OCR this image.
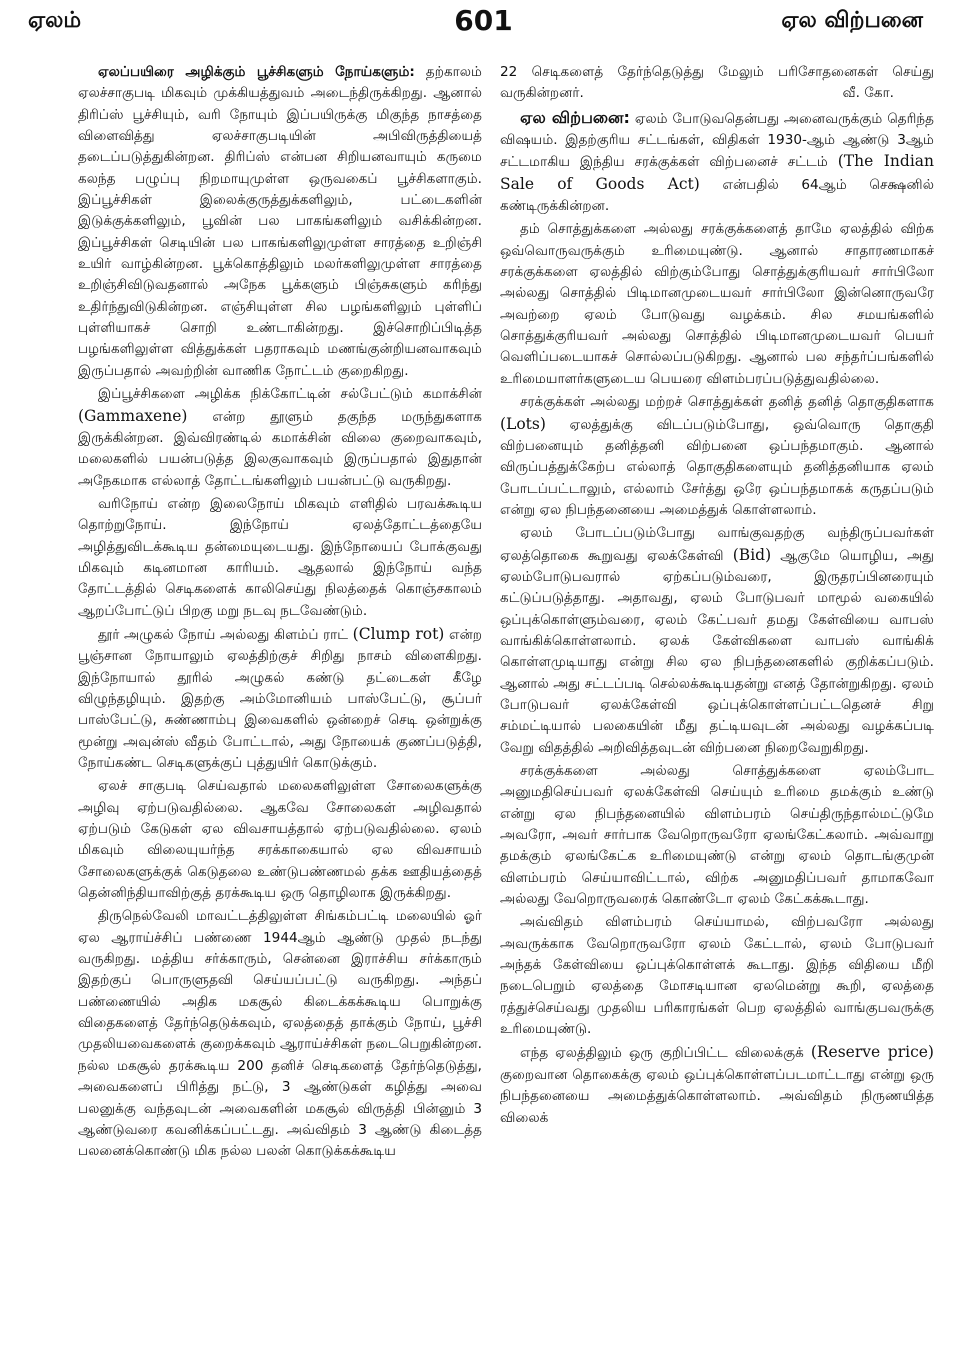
ஏலம்	601	ஏல விற்பனை

ஏலப்பயிரை அழிக்கும் பூச்சிகளும் நோய்களும்: தற்காலம் ஏலச்சாகுபடி மிகவும் முக்கியத்துவம் அடைந்திருக்கிறது. ஆனால் திரிப்ஸ் பூச்சியும், வரி நோயும் இப்பயிருக்கு மிகுந்த நாசத்தை விளைவித்து ஏலச்சாகுபடியின் அபிவிருத்தியைத் தடைப்படுத்துகின்றன. திரிப்ஸ் என்பன சிறியனவாயும் கருமை கலந்த பழுப்பு நிறமாயுமுள்ள ஒருவகைப் பூச்சிகளாகும். இப்பூச்சிகள் இலைக்குருத்துக்களிலும், பட்டைகளின் இடுக்குக்களிலும், பூவின் பல பாகங்களிலும் வசிக்கின்றன. இப்பூச்சிகள் செடியின் பல பாகங்களிலுமுள்ள சாரத்தை உறிஞ்சி உயிர் வாழ்கின்றன. பூக்கொத்திலும் மலர்களிலுமுள்ள சாரத்தை உறிஞ்சிவிடுவதனால் அநேக பூக்களும் பிஞ்சுகளும் கரிந்து உதிர்ந்துவிடுகின்றன. எஞ்சியுள்ள சில பழங்களிலும் புள்ளிப் புள்ளியாகச் சொறி உண்டாகின்றது. இச்சொறிப்பிடித்த பழங்களிலுள்ள வித்துக்கள் பதராகவும் மணங்குன்றியனவாகவும் இருப்பதால் அவற்றின் வாணிக நோட்டம் குறைகிறது.

இப்பூச்சிகளை அழிக்க நிக்கோட்டின் சல்பேட்டும் கமாக்சின் (Gammaxene) என்ற தூளும் தகுந்த மருந்துகளாக இருக்கின்றன. இவ்விரண்டில் கமாக்சின் விலை குறைவாகவும், மலைகளில் பயன்படுத்த இலகுவாகவும் இருப்பதால் இதுதான் அநேகமாக எல்லாத் தோட்டங்களிலும் பயன்பட்டு வருகிறது.

வரிநோய் என்ற இலைநோய் மிகவும் எளிதில் பரவக்கூடிய தொற்றுநோய். இந்நோய் ஏலத்தோட்டத்தையே அழித்துவிடக்கூடிய தன்மையுடையது. இந்நோயைப் போக்குவது மிகவும் கடினமான காரியம். ஆதலால் இந்நோய் வந்த தோட்டத்தில் செடிகளைக் காலிசெய்து நிலத்தைக் கொஞ்சகாலம் ஆறப்போட்டுப் பிறகு மறு நடவு நடவேண்டும்.

தூர் அழுகல் நோய் அல்லது கிளம்ப் ராட் (Clump rot) என்ற பூஞ்சான நோயாலும் ஏலத்திற்குச் சிறிது நாசம் விளைகிறது. இந்நோயால் தூரில் அழுகல் கண்டு தட்டைகள் கீழே விழுந்தழியும். இதற்கு அம்மோனியம் பாஸ்பேட்டு, சூப்பர் பாஸ்பேட்டு, சுண்ணாம்பு இவைகளில் ஒன்றைச் செடி ஒன்றுக்கு மூன்று அவுன்ஸ் வீதம் போட்டால், அது நோயைக் குணப்படுத்தி, நோய்கண்ட செடிகளுக்குப் புத்துயிர் கொடுக்கும்.

ஏலச் சாகுபடி செய்வதால் மலைகளிலுள்ள சோலைகளுக்கு அழிவு ஏற்படுவதில்லை. ஆகவே சோலைகள் அழிவதால் ஏற்படும் கேடுகள் ஏல விவசாயத்தால் ஏற்படுவதில்லை. ஏலம் மிகவும் விலையுயர்ந்த சரக்காகையால் ஏல விவசாயம் சோலைகளுக்குக் கெடுதலை உண்டுபண்ணமல் தக்க ஊதியத்தைத் தென்னிந்தியாவிற்குத் தரக்கூடிய ஒரு தொழிலாக இருக்கிறது.

திருநெல்வேலி மாவட்டத்திலுள்ள சிங்கம்பட்டி மலையில் ஓர் ஏல ஆராய்ச்சிப் பண்ணை 1944ஆம் ஆண்டு முதல் நடந்து வருகிறது. மத்திய சர்க்காரும், சென்னை இராச்சிய சர்க்காரும் இதற்குப் பொருளுதவி செய்யப்பட்டு வருகிறது. அந்தப் பண்ணையில் அதிக மகசூல் கிடைக்கக்கூடிய பொறுக்கு விதைகளைத் தேர்ந்தெடுக்கவும், ஏலத்தைத் தாக்கும் நோய், பூச்சி முதலியவைகளைக் குறைக்கவும் ஆராய்ச்சிகள் நடைபெறுகின்றன. நல்ல மகசூல் தரக்கூடிய 200 தனிச் செடிகளைத் தேர்ந்தெடுத்து, அவைகளைப் பிரித்து நட்டு, 3 ஆண்டுகள் கழித்து அவை பலனுக்கு வந்தவுடன் அவைகளின் மகசூல் விருத்தி பின்னும் 3 ஆண்டுவரை கவனிக்கப்பட்டது. அவ்விதம் 3 ஆண்டு கிடைத்த பலனைக்கொண்டு மிக நல்ல பலன் கொடுக்கக்கூடிய

22 செடிகளைத் தேர்ந்தெடுத்து மேலும் பரிசோதனைகள் செய்து வருகின்றனர்.	வீ. கோ.

ஏல விற்பனை: ஏலம் போடுவதென்பது அனைவருக்கும் தெரிந்த விஷயம். இதற்குரிய சட்டங்கள், விதிகள் 1930-ஆம் ஆண்டு 3ஆம் சட்டமாகிய இந்திய சரக்குக்கள் விற்பனைச் சட்டம் (The Indian Sale of Goods Act) என்பதில் 64ஆம் செக்ஷனில் கண்டிருக்கின்றன.

தம் சொத்துக்களை அல்லது சரக்குக்களைத் தாமே ஏலத்தில் விற்க ஒவ்வொருவருக்கும் உரிமையுண்டு. ஆனால் சாதாரணமாகச் சரக்குக்களை ஏலத்தில் விற்கும்போது சொத்துக்குரியவர் சார்பிலோ அல்லது சொத்தில் பிடிமானமுடையவர் சார்பிலோ இன்னொருவரே அவற்றை ஏலம் போடுவது வழக்கம். சில சமயங்களில் சொத்துக்குரியவர் அல்லது சொத்தில் பிடிமானமுடையவர் பெயர் வெளிப்படையாகச் சொல்லப்படுகிறது. ஆனால் பல சந்தர்ப்பங்களில் உரிமையாளர்களுடைய பெயரை விளம்பரப்படுத்துவதில்லை.

சரக்குக்கள் அல்லது மற்றச் சொத்துக்கள் தனித் தனித் தொகுதிகளாக (Lots) ஏலத்துக்கு விடப்படும்போது, ஒவ்வொரு தொகுதி விற்பனையும் தனித்தனி விற்பனை ஒப்பந்தமாகும். ஆனால் விருப்பத்துக்கேற்ப எல்லாத் தொகுதிகளையும் தனித்தனியாக ஏலம் போடப்பட்டாலும், எல்லாம் சேர்த்து ஒரே ஒப்பந்தமாகக் கருதப்படும் என்று ஏல நிபந்தனையை அமைத்துக் கொள்ளலாம்.

ஏலம் போடப்படும்போது வாங்குவதற்கு வந்திருப்பவர்கள் ஏலத்தொகை கூறுவது ஏலக்கேள்வி (Bid) ஆகுமே யொழிய, அது ஏலம்போடுபவரால் ஏற்கப்படும்வரை, இருதரப்பினரையும் கட்டுப்படுத்தாது. அதாவது, ஏலம் போடுபவர் மாமூல் வகையில் ஒப்புக்கொள்ளும்வரை, ஏலம் கேட்பவர் தமது கேள்வியை வாபஸ் வாங்கிக்கொள்ளலாம். ஏலக் கேள்விகளை வாபஸ் வாங்கிக் கொள்ளமுடியாது என்று சில ஏல நிபந்தனைகளில் குறிக்கப்படும். ஆனால் அது சட்டப்படி செல்லக்கூடியதன்று எனத் தோன்றுகிறது. ஏலம் போடுபவர் ஏலக்கேள்வி ஒப்புக்கொள்ளப்பட்டதெனச் சிறு சம்மட்டியால் பலகையின் மீது தட்டியவுடன் அல்லது வழக்கப்படி வேறு விதத்தில் அறிவித்தவுடன் விற்பனை நிறைவேறுகிறது.

சரக்குக்களை அல்லது சொத்துக்களை ஏலம்போட அனுமதிசெய்பவர் ஏலக்கேள்வி செய்யும் உரிமை தமக்கும் உண்டு என்று ஏல நிபந்தனையில் விளம்பரம் செய்திருந்தால்மட்டுமே அவரோ, அவர் சார்பாக வேறொருவரோ ஏலங்கேட்கலாம். அவ்வாறு தமக்கும் ஏலங்கேட்க உரிமையுண்டு என்று ஏலம் தொடங்குமுன் விளம்பரம் செய்யாவிட்டால், விற்க அனுமதிப்பவர் தாமாகவோ அல்லது வேறொருவரைக் கொண்டோ ஏலம் கேட்கக்கூடாது.

அவ்விதம் விளம்பரம் செய்யாமல், விற்பவரோ அல்லது அவருக்காக வேறொருவரோ ஏலம் கேட்டால், ஏலம் போடுபவர் அந்தக் கேள்வியை ஒப்புக்கொள்ளக் கூடாது. இந்த விதியை மீறி நடைபெறும் ஏலத்தை மோசடியான ஏலமென்று கூறி, ஏலத்தை ரத்துச்செய்வது முதலிய பரிகாரங்கள் பெற ஏலத்தில் வாங்குபவருக்கு உரிமையுண்டு.

எந்த ஏலத்திலும் ஒரு குறிப்பிட்ட விலைக்குக் (Reserve price) குறைவான தொகைக்கு ஏலம் ஒப்புக்கொள்ளப்படமாட்டாது என்று ஒரு நிபந்தனையை அமைத்துக்கொள்ளலாம். அவ்விதம் நிருணயித்த விலைக்
